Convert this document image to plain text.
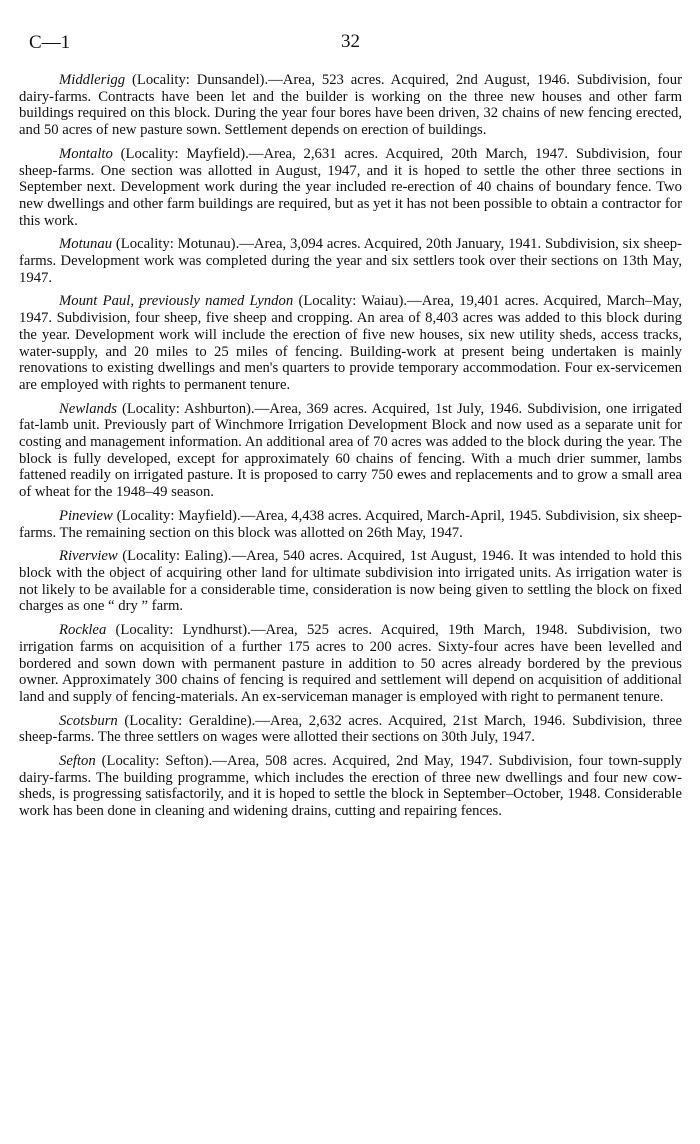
C—1	32

Middlerigg (Locality: Dunsandel).—Area, 523 acres. Acquired, 2nd August, 1946. Subdivision, four dairy-farms. Contracts have been let and the builder is working on the three new houses and other farm buildings required on this block. During the year four bores have been driven, 32 chains of new fencing erected, and 50 acres of new pasture sown. Settlement depends on erection of buildings.

Montalto (Locality: Mayfield).—Area, 2,631 acres. Acquired, 20th March, 1947. Subdivision, four sheep-farms. One section was allotted in August, 1947, and it is hoped to settle the other three sections in September next. Development work during the year included re-erection of 40 chains of boundary fence. Two new dwellings and other farm buildings are required, but as yet it has not been possible to obtain a contractor for this work.

Motunau (Locality: Motunau).—Area, 3,094 acres. Acquired, 20th January, 1941. Subdivision, six sheep-farms. Development work was completed during the year and six settlers took over their sections on 13th May, 1947.

Mount Paul, previously named Lyndon (Locality: Waiau).—Area, 19,401 acres. Acquired, March–May, 1947. Subdivision, four sheep, five sheep and cropping. An area of 8,403 acres was added to this block during the year. Development work will include the erection of five new houses, six new utility sheds, access tracks, water-supply, and 20 miles to 25 miles of fencing. Building-work at present being undertaken is mainly renovations to existing dwellings and men's quarters to provide temporary accommodation. Four ex-servicemen are employed with rights to permanent tenure.

Newlands (Locality: Ashburton).—Area, 369 acres. Acquired, 1st July, 1946. Subdivision, one irrigated fat-lamb unit. Previously part of Winchmore Irrigation Development Block and now used as a separate unit for costing and management information. An additional area of 70 acres was added to the block during the year. The block is fully developed, except for approximately 60 chains of fencing. With a much drier summer, lambs fattened readily on irrigated pasture. It is proposed to carry 750 ewes and replacements and to grow a small area of wheat for the 1948–49 season.

Pineview (Locality: Mayfield).—Area, 4,438 acres. Acquired, March-April, 1945. Subdivision, six sheep-farms. The remaining section on this block was allotted on 26th May, 1947.

Riverview (Locality: Ealing).—Area, 540 acres. Acquired, 1st August, 1946. It was intended to hold this block with the object of acquiring other land for ultimate subdivision into irrigated units. As irrigation water is not likely to be available for a considerable time, consideration is now being given to settling the block on fixed charges as one “ dry ” farm.

Rocklea (Locality: Lyndhurst).—Area, 525 acres. Acquired, 19th March, 1948. Subdivision, two irrigation farms on acquisition of a further 175 acres to 200 acres. Sixty-four acres have been levelled and bordered and sown down with permanent pasture in addition to 50 acres already bordered by the previous owner. Approximately 300 chains of fencing is required and settlement will depend on acquisition of additional land and supply of fencing-materials. An ex-serviceman manager is employed with right to permanent tenure.

Scotsburn (Locality: Geraldine).—Area, 2,632 acres. Acquired, 21st March, 1946. Subdivision, three sheep-farms. The three settlers on wages were allotted their sections on 30th July, 1947.

Sefton (Locality: Sefton).—Area, 508 acres. Acquired, 2nd May, 1947. Subdivision, four town-supply dairy-farms. The building programme, which includes the erection of three new dwellings and four new cow-sheds, is progressing satisfactorily, and it is hoped to settle the block in September–October, 1948. Considerable work has been done in cleaning and widening drains, cutting and repairing fences.
